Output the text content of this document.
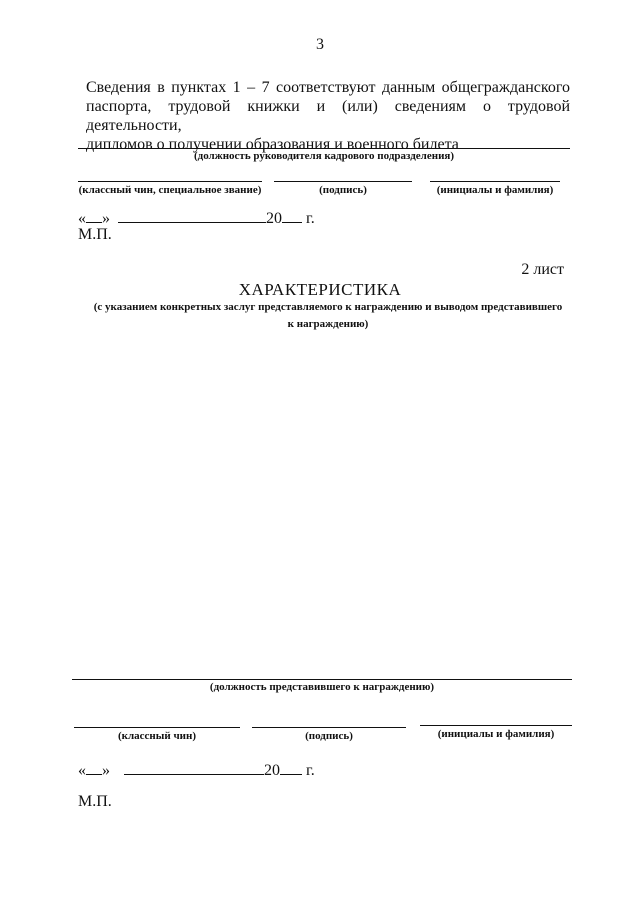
3
Сведения в пунктах 1 – 7 соответствуют данным общегражданского
паспорта, трудовой книжки и (или) сведениям о трудовой деятельности,
дипломов о получении образования и военного билета
(должность руководителя кадрового подразделения)
(классный чин, специальное звание)	(подпись)	(инициалы и фамилия)
« »	20 г.
М.П.
2 лист
ХАРАКТЕРИСТИКА
(с указанием конкретных заслуг представляемого к награждению и выводом представившего
к награждению)
(должность представившего к награждению)
(классный чин)	(подпись)	(инициалы и фамилия)
« »	20 г.
М.П.
